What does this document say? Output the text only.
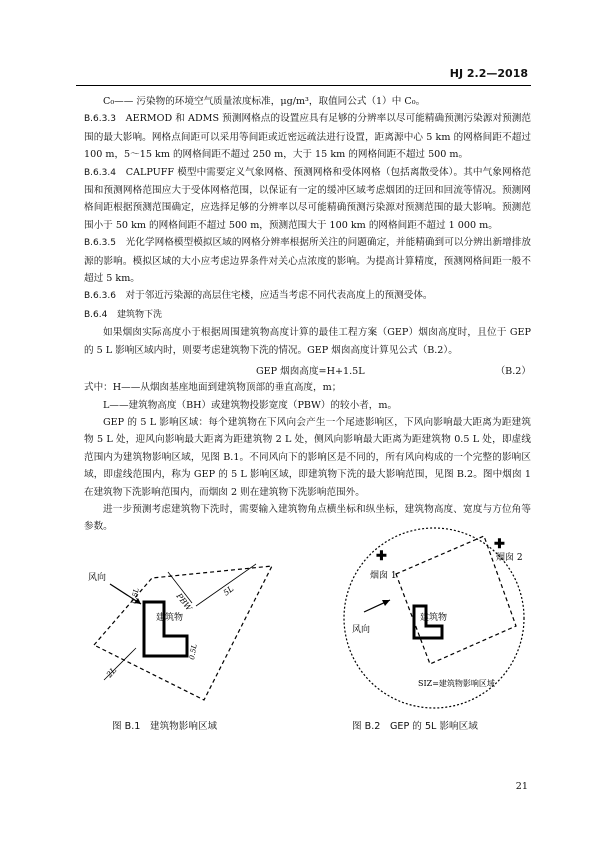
HJ 2.2—2018

C₀—— 污染物的环境空气质量浓度标准，μg/m³，取值同公式（1）中 C₀。

B.6.3.3　 AERMOD 和 ADMS 预测网格点的设置应具有足够的分辨率以尽可能精确预测污染源对预测范围的最大影响。网格点间距可以采用等间距或近密远疏法进行设置，距离源中心 5 km 的网格间距不超过 100 m，5～15 km 的网格间距不超过 250 m，大于 15 km 的网格间距不超过 500 m。

B.6.3.4　 CALPUFF 模型中需要定义气象网格、预测网格和受体网格（包括离散受体）。其中气象网格范围和预测网格范围应大于受体网格范围，以保证有一定的缓冲区域考虑烟团的迂回和回流等情况。预测网格间距根据预测范围确定，应选择足够的分辨率以尽可能精确预测污染源对预测范围的最大影响。预测范围小于 50 km 的网格间距不超过 500 m，预测范围大于 100 km 的网格间距不超过 1 000 m。

B.6.3.5　 光化学网格模型模拟区域的网格分辨率根据所关注的问题确定，并能精确到可以分辨出新增排放源的影响。模拟区域的大小应考虑边界条件对关心点浓度的影响。为提高计算精度，预测网格间距一般不超过 5 km。

B.6.3.6　 对于邻近污染源的高层住宅楼，应适当考虑不同代表高度上的预测受体。

B.6.4　 建筑物下洗

如果烟囱实际高度小于根据周围建筑物高度计算的最佳工程方案（GEP）烟囱高度时，且位于 GEP 的 5 L 影响区域内时，则要考虑建筑物下洗的情况。GEP 烟囱高度计算见公式（B.2）。

GEP 烟囱高度=H+1.5L	（B.2）

式中：H——从烟囱基座地面到建筑物顶部的垂直高度，m；

L——建筑物高度（BH）或建筑物投影宽度（PBW）的较小者，m。

GEP 的 5 L 影响区域：每个建筑物在下风向会产生一个尾迹影响区，下风向影响最大距离为距建筑物 5 L 处，迎风向影响最大距离为距建筑物 2 L 处，侧风向影响最大距离为距建筑物 0.5 L 处，即虚线范围内为建筑物影响区域，见图 B.1。不同风向下的影响区是不同的，所有风向构成的一个完整的影响区域，即虚线范围内，称为 GEP 的 5 L 影响区域，即建筑物下洗的最大影响范围，见图 B.2。图中烟囱 1 在建筑物下洗影响范围内，而烟囱 2 则在建筑物下洗影响范围外。

进一步预测考虑建筑物下洗时，需要输入建筑物角点横坐标和纵坐标，建筑物高度、宽度与方位角等参数。

风向
建筑物
PBW
5L
2L
0.5L
0.5L
✚
✚
烟囱 1
烟囱 2
风向
建筑物
SIZ=建筑物影响区域
图 B.1　建筑物影响区域	图 B.2　GEP 的 5L 影响区域
21
